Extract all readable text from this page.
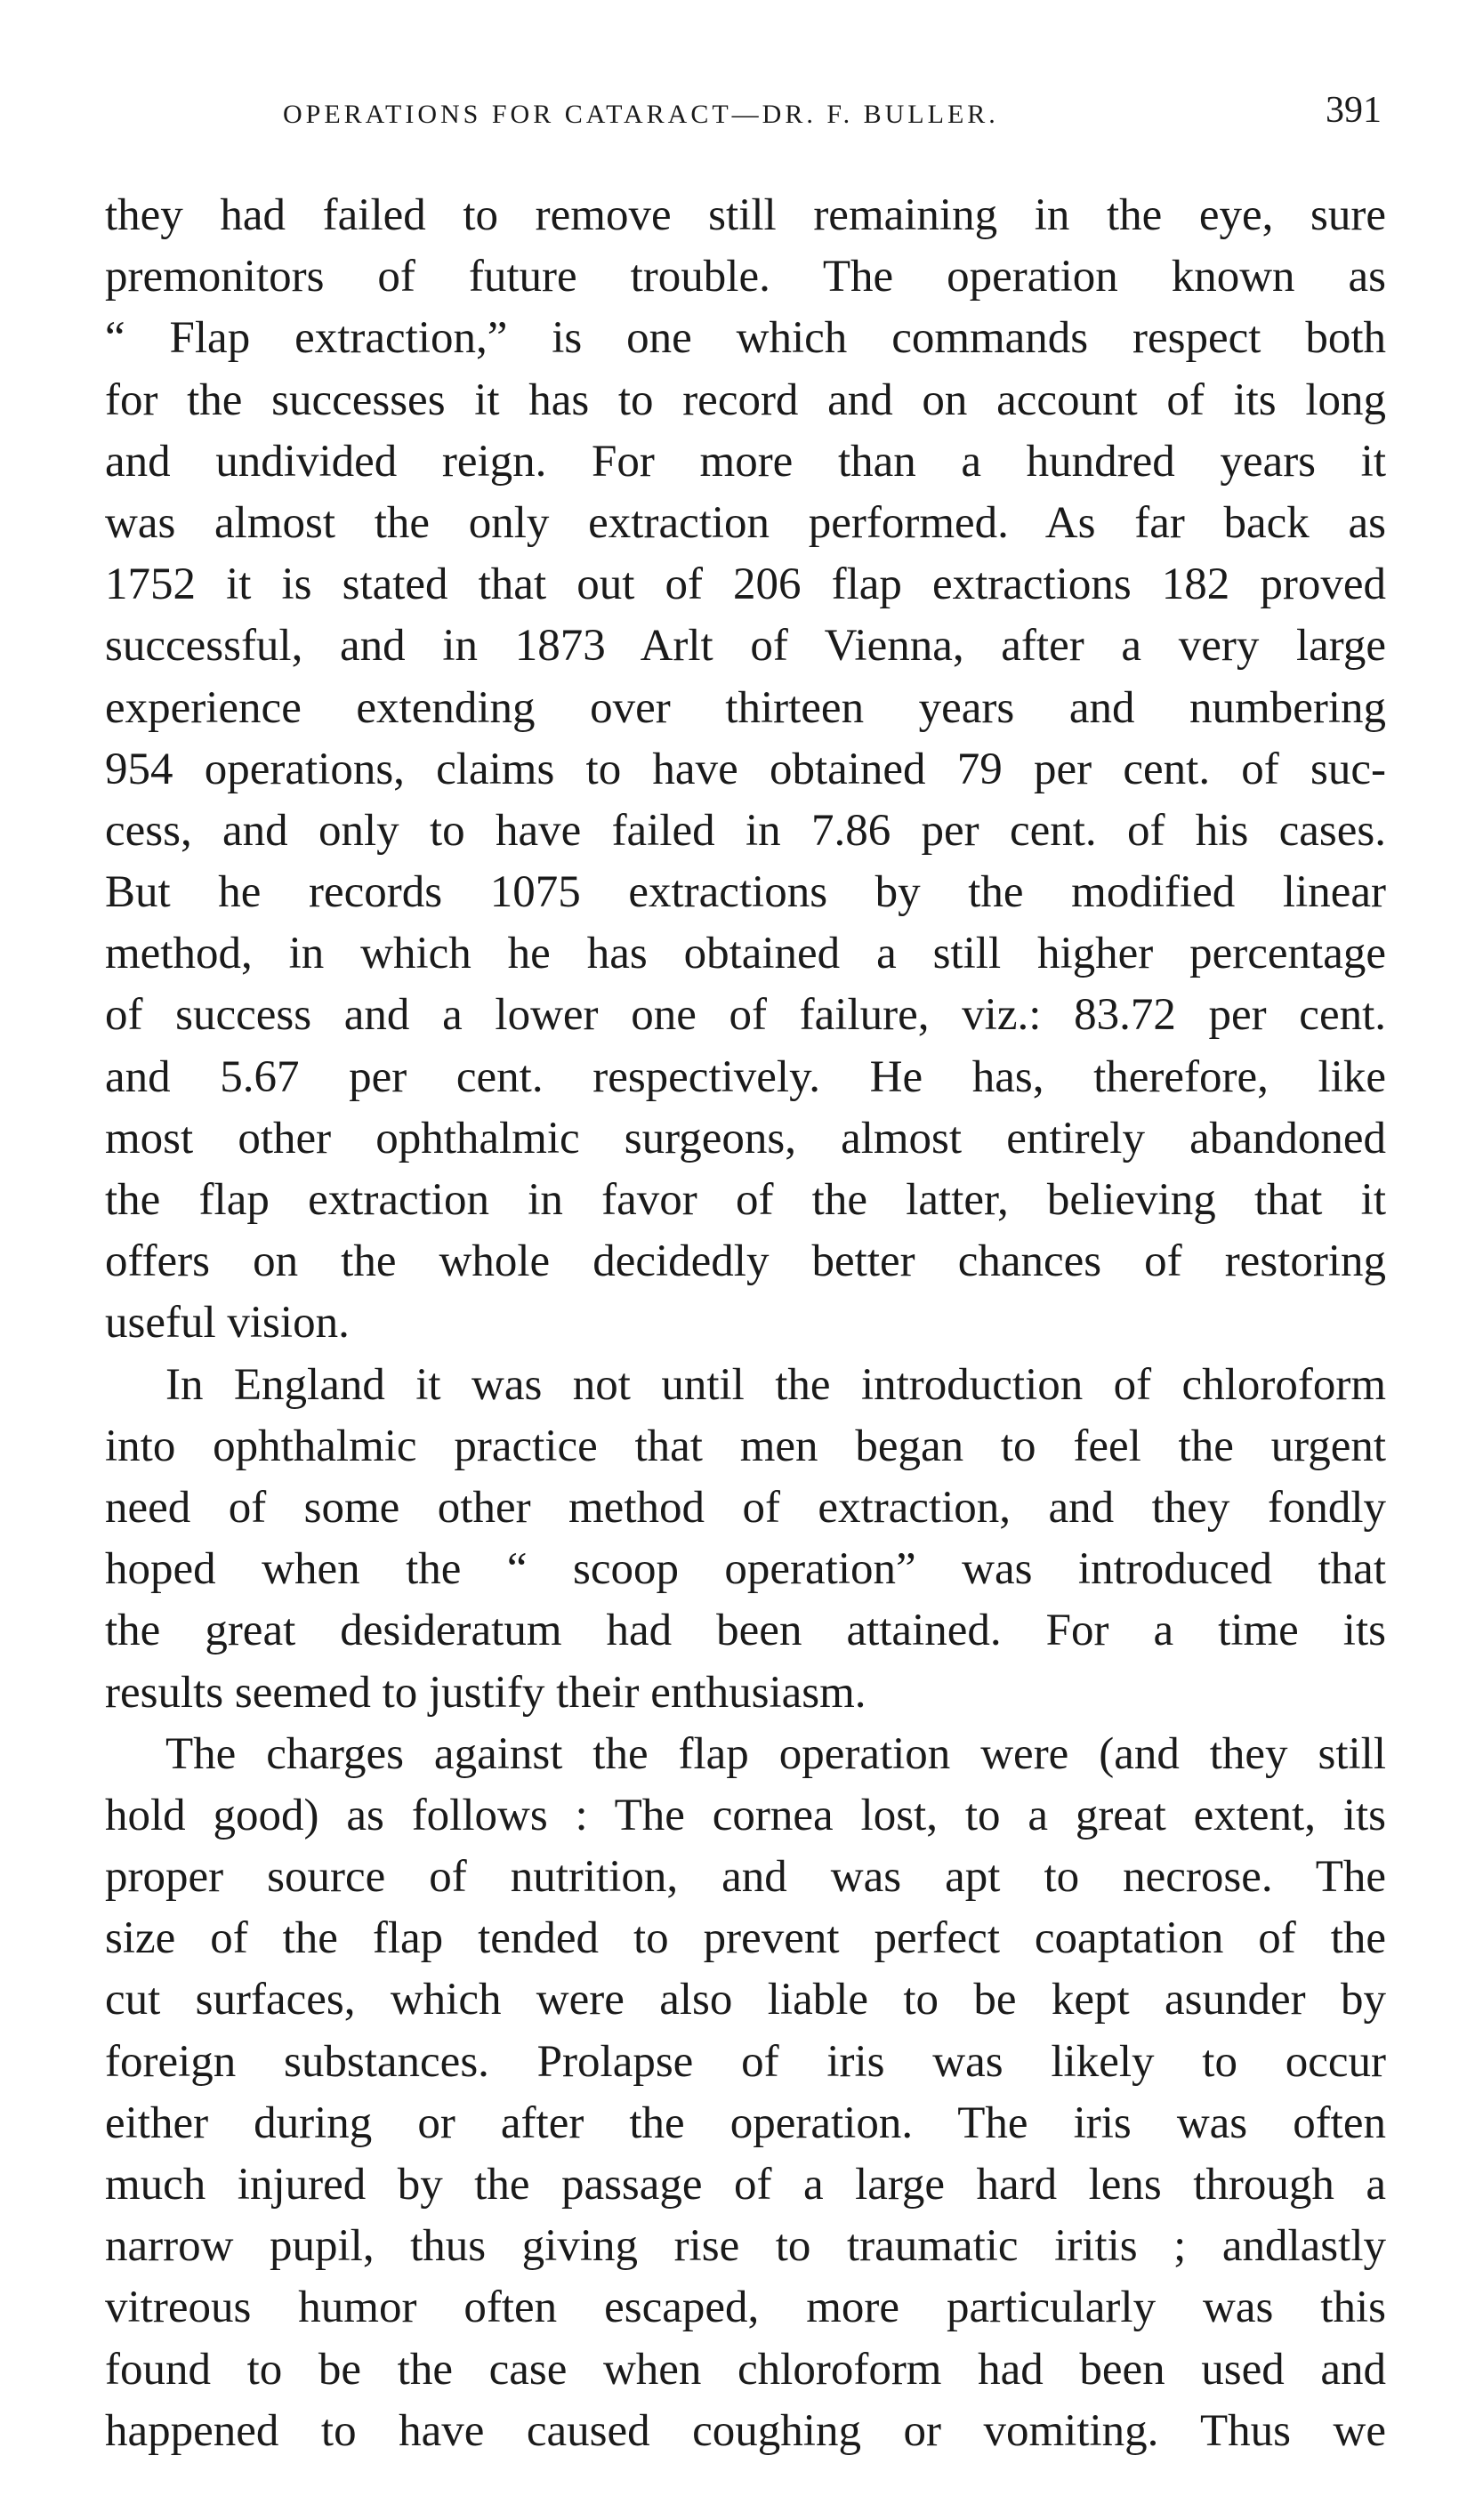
OPERATIONS FOR CATARACT—DR. F. BULLER.	391
they had failed to remove still remaining in the eye, sure
premonitors of future trouble. The operation known as
“ Flap extraction,” is one which commands respect both
for the successes it has to record and on account of its long
and undivided reign. For more than a hundred years it
was almost the only extraction performed. As far back as
1752 it is stated that out of 206 flap extractions 182 proved
successful, and in 1873 Arlt of Vienna, after a very large
experience extending over thirteen years and numbering
954 operations, claims to have obtained 79 per cent. of suc-
cess, and only to have failed in 7.86 per cent. of his cases.
But he records 1075 extractions by the modified linear
method, in which he has obtained a still higher percentage
of success and a lower one of failure, viz.: 83.72 per cent.
and 5.67 per cent. respectively. He has, therefore, like
most other ophthalmic surgeons, almost entirely abandoned
the flap extraction in favor of the latter, believing that it
offers on the whole decidedly better chances of restoring
useful vision.
In England it was not until the introduction of chloroform
into ophthalmic practice that men began to feel the urgent
need of some other method of extraction, and they fondly
hoped when the “ scoop operation” was introduced that
the great desideratum had been attained. For a time its
results seemed to justify their enthusiasm.
The charges against the flap operation were (and they still
hold good) as follows : The cornea lost, to a great extent, its
proper source of nutrition, and was apt to necrose. The
size of the flap tended to prevent perfect coaptation of the
cut surfaces, which were also liable to be kept asunder by
foreign substances. Prolapse of iris was likely to occur
either during or after the operation. The iris was often
much injured by the passage of a large hard lens through a
narrow pupil, thus giving rise to traumatic iritis ; andlastly
vitreous humor often escaped, more particularly was this
found to be the case when chloroform had been used and
happened to have caused coughing or vomiting. Thus we
